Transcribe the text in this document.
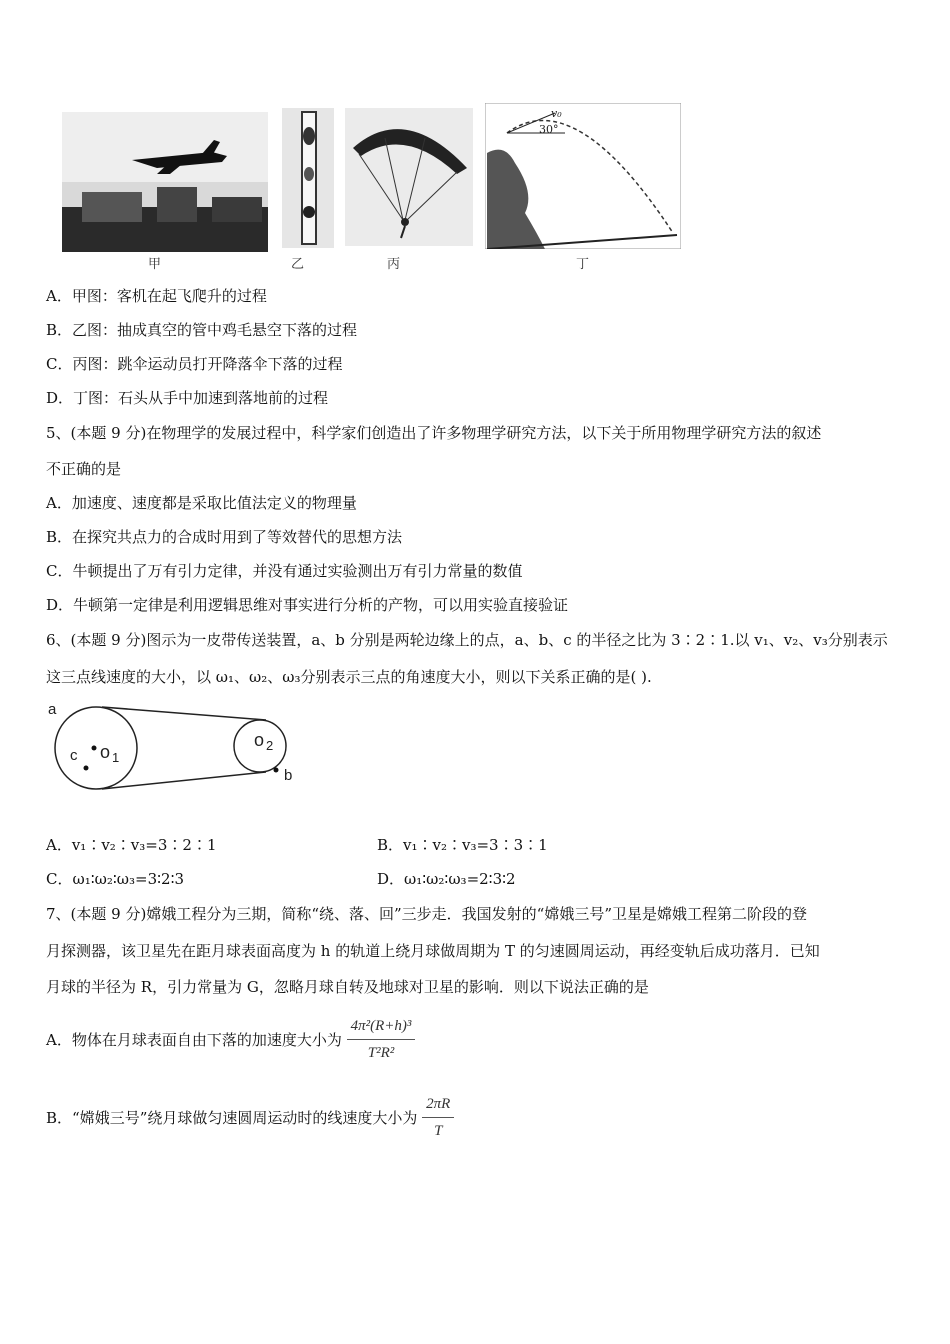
30°
v₀
甲	乙	丙	丁
A．甲图：客机在起飞爬升的过程
B．乙图：抽成真空的管中鸡毛悬空下落的过程
C．丙图：跳伞运动员打开降落伞下落的过程
D．丁图：石头从手中加速到落地前的过程
5、(本题 9 分)在物理学的发展过程中，科学家们创造出了许多物理学研究方法，以下关于所用物理学研究方法的叙述
不正确的是
A．加速度、速度都是采取比值法定义的物理量
B．在探究共点力的合成时用到了等效替代的思想方法
C．牛顿提出了万有引力定律，并没有通过实验测出万有引力常量的数值
D．牛顿第一定律是利用逻辑思维对事实进行分析的产物，可以用实验直接验证
6、(本题 9 分)图示为一皮带传送装置，a、b 分别是两轮边缘上的点，a、b、c 的半径之比为 3∶2∶1.以 v₁、v₂、v₃分别表示
这三点线速度的大小，以 ω₁、ω₂、ω₃分别表示三点的角速度大小，则以下关系正确的是( ).
a
c o 1
o 2
b
A．v₁∶v₂∶v₃=3∶2∶1	B．v₁∶v₂∶v₃=3∶3∶1
C．ω₁∶ω₂∶ω₃=3∶2∶3	D．ω₁∶ω₂∶ω₃=2∶3∶2
7、(本题 9 分)嫦娥工程分为三期，简称“绕、落、回”三步走．我国发射的“嫦娥三号”卫星是嫦娥工程第二阶段的登
月探测器，该卫星先在距月球表面高度为 h 的轨道上绕月球做周期为 T 的匀速圆周运动，再经变轨后成功落月．已知
月球的半径为 R，引力常量为 G，忽略月球自转及地球对卫星的影响．则以下说法正确的是
A．物体在月球表面自由下落的加速度大小为 $\frac{\text{4π²(R+h)³}}{\text{T²R²}}$
B．“嫦娥三号”绕月球做匀速圆周运动时的线速度大小为 $\frac{2\pi R}{T}$
